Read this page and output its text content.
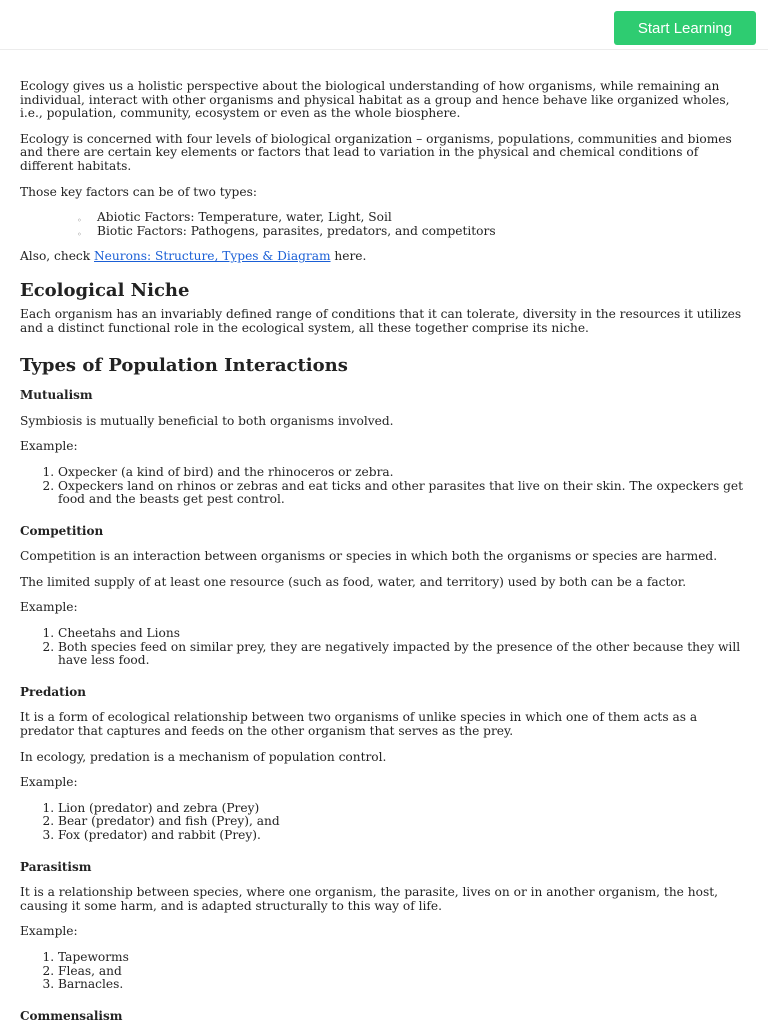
Start Learning

Ecology gives us a holistic perspective about the biological understanding of how organisms, while remaining an individual, interact with other organisms and physical habitat as a group and hence behave like organized wholes, i.e., population, community, ecosystem or even as the whole biosphere.

Ecology is concerned with four levels of biological organization – organisms, populations, communities and biomes and there are certain key elements or factors that lead to variation in the physical and chemical conditions of different habitats.

Those key factors can be of two types:

◦ Abiotic Factors: Temperature, water, Light, Soil
◦ Biotic Factors: Pathogens, parasites, predators, and competitors

Also, check Neurons: Structure, Types & Diagram here.

Ecological Niche

Each organism has an invariably defined range of conditions that it can tolerate, diversity in the resources it utilizes and a distinct functional role in the ecological system, all these together comprise its niche.

Types of Population Interactions
Mutualism

Symbiosis is mutually beneficial to both organisms involved.

Example:

1. Oxpecker (a kind of bird) and the rhinoceros or zebra.
2. Oxpeckers land on rhinos or zebras and eat ticks and other parasites that live on their skin. The oxpeckers get food and the beasts get pest control.
Competition

Competition is an interaction between organisms or species in which both the organisms or species are harmed.

The limited supply of at least one resource (such as food, water, and territory) used by both can be a factor.

Example:

1. Cheetahs and Lions
2. Both species feed on similar prey, they are negatively impacted by the presence of the other because they will have less food.
Predation

It is a form of ecological relationship between two organisms of unlike species in which one of them acts as a predator that captures and feeds on the other organism that serves as the prey.

In ecology, predation is a mechanism of population control.

Example:

1. Lion (predator) and zebra (Prey)
2. Bear (predator) and fish (Prey), and
3. Fox (predator) and rabbit (Prey).
Parasitism

It is a relationship between species, where one organism, the parasite, lives on or in another organism, the host, causing it some harm, and is adapted structurally to this way of life.

Example:

1. Tapeworms
2. Fleas, and
3. Barnacles.
Commensalism
